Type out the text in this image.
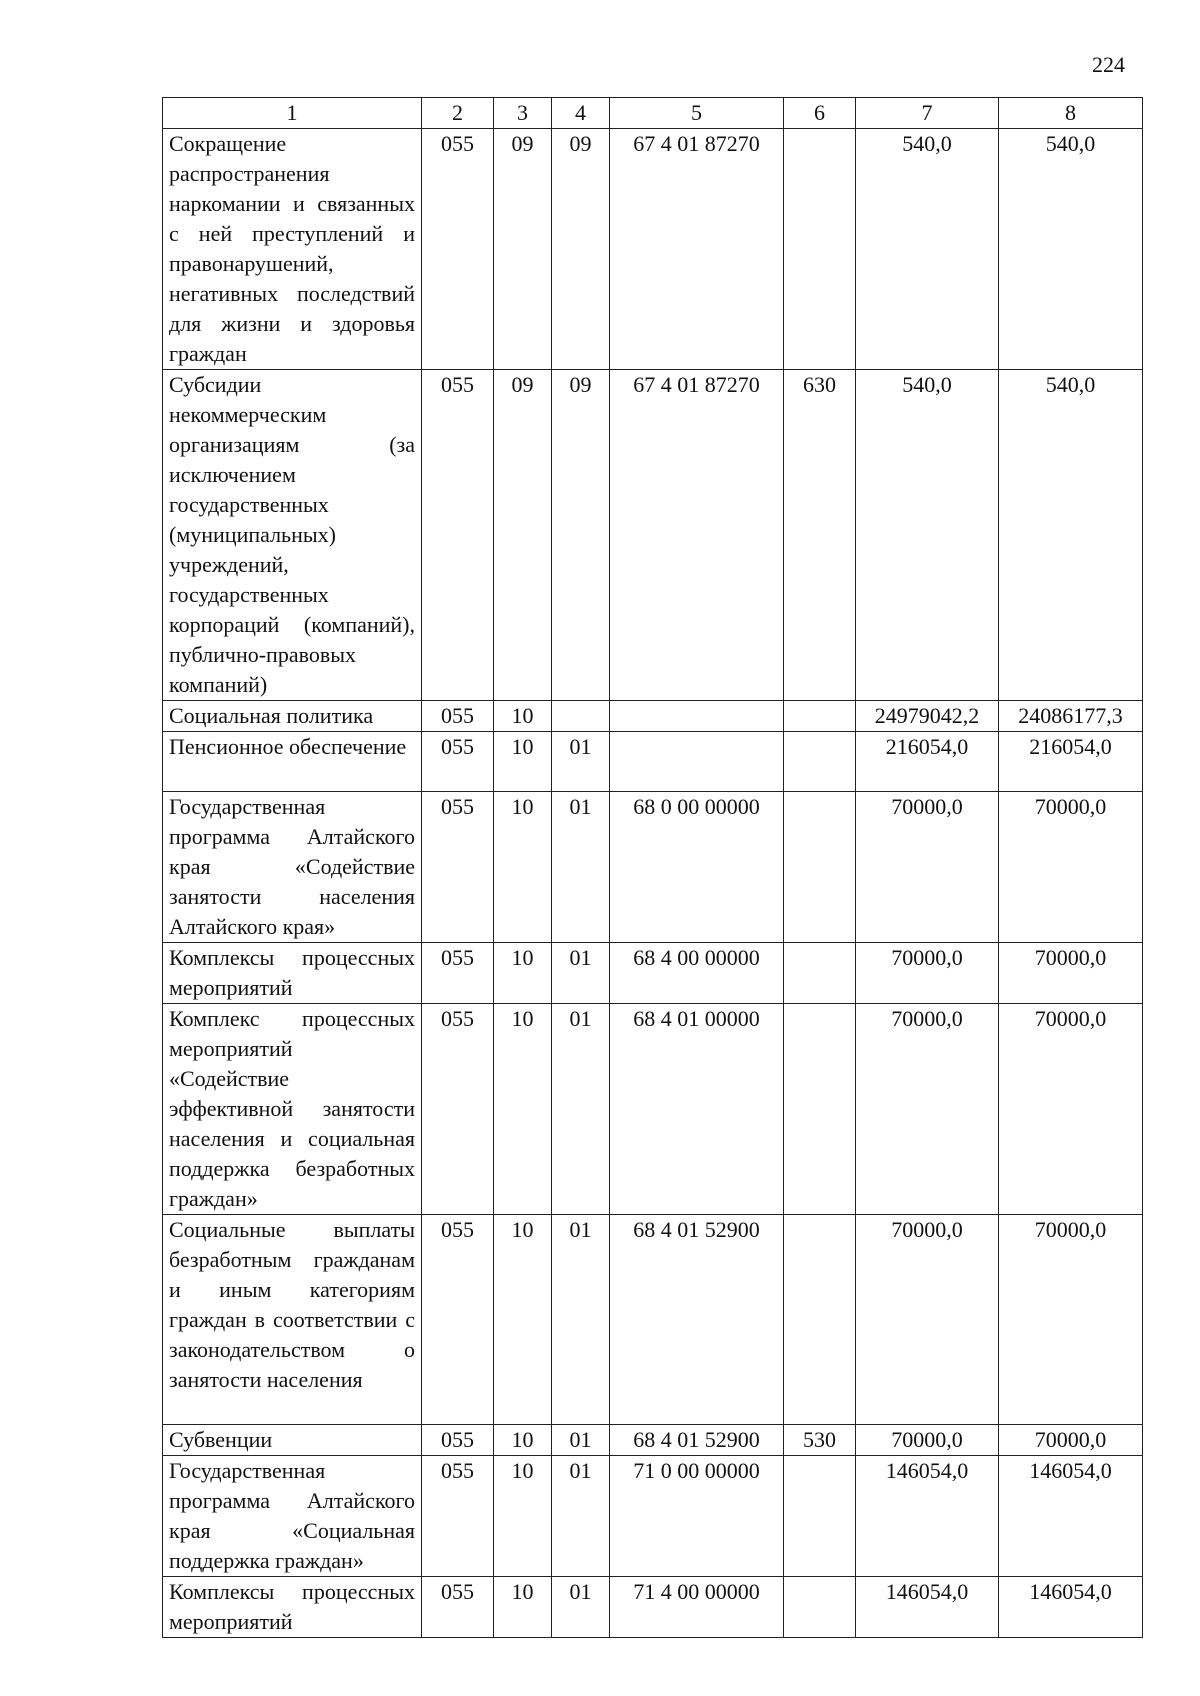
224
1	2	3	4	5	6	7	8
Сокращение распространения наркомании и связанных с ней преступлений и правонарушений, негативных последствий для жизни и здоровья граждан	055	09	09	67 4 01 87270		540,0	540,0
Субсидии некоммерческим организациям (за исключением государственных (муниципальных) учреждений, государственных корпораций (компаний), публично-правовых компаний)	055	09	09	67 4 01 87270	630	540,0	540,0
Социальная политика	055	10				24979042,2	24086177,3
Пенсионное обеспечение	055	10	01			216054,0	216054,0
Государственная программа Алтайского края «Содействие занятости населения Алтайского края»	055	10	01	68 0 00 00000		70000,0	70000,0
Комплексы процессных мероприятий	055	10	01	68 4 00 00000		70000,0	70000,0
Комплекс процессных мероприятий «Содействие эффективной занятости населения и социальная поддержка безработных граждан»	055	10	01	68 4 01 00000		70000,0	70000,0
Социальные выплаты безработным гражданам и иным категориям граждан в соответствии с законодательством о занятости населения	055	10	01	68 4 01 52900		70000,0	70000,0
Субвенции	055	10	01	68 4 01 52900	530	70000,0	70000,0
Государственная программа Алтайского края «Социальная поддержка граждан»	055	10	01	71 0 00 00000		146054,0	146054,0
Комплексы процессных мероприятий	055	10	01	71 4 00 00000		146054,0	146054,0
